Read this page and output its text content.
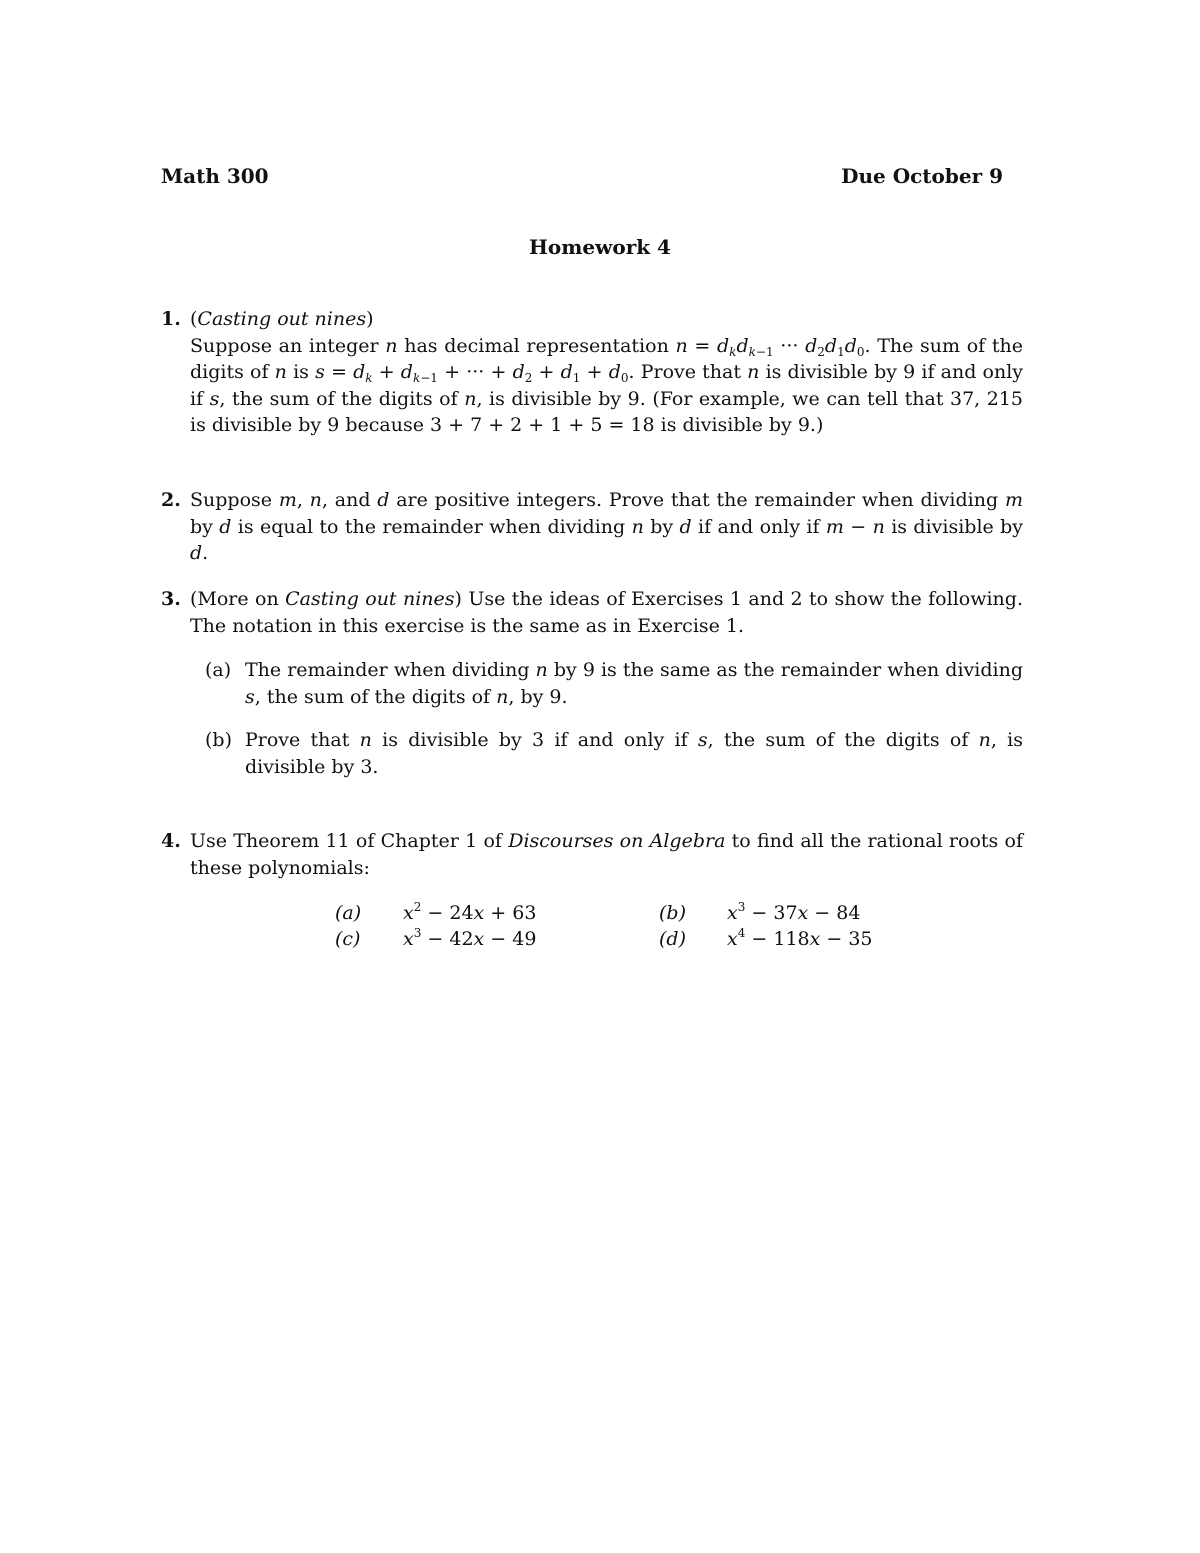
Math 300	Due October 9
Homework 4
1. (Casting out nines)

Suppose an integer n has decimal representation $n = d_kd_{k-1}$ ··· $d_2d_1d_0$. The sum of the digits of n is $s = d_k + d_{k-1}$ + ··· + $d_2 + d_1 + d_0$. Prove that n is divisible by 9 if and only if s, the sum of the digits of n, is divisible by 9. (For example, we can tell that 37, 215 is divisible by 9 because 3 + 7 + 2 + 1 + 5 = 18 is divisible by 9.)

2. Suppose m, n, and d are positive integers. Prove that the remainder when dividing m by d is equal to the remainder when dividing n by d if and only if m − n is divisible by d.

3. (More on Casting out nines) Use the ideas of Exercises 1 and 2 to show the following. The notation in this exercise is the same as in Exercise 1.

(a) The remainder when dividing n by 9 is the same as the remainder when dividing s, the sum of the digits of n, by 9.

(b) Prove that n is divisible by 3 if and only if s, the sum of the digits of n, is divisible by 3.

4. Use Theorem 11 of Chapter 1 of Discourses on Algebra to find all the rational roots of these polynomials:

(a)	$x^2 - 24x + 63$	(b)	$x^3 - 37x - 84$
(c)	$x^3 - 42x - 49$	(d)	$x^4 - 118x - 35$
